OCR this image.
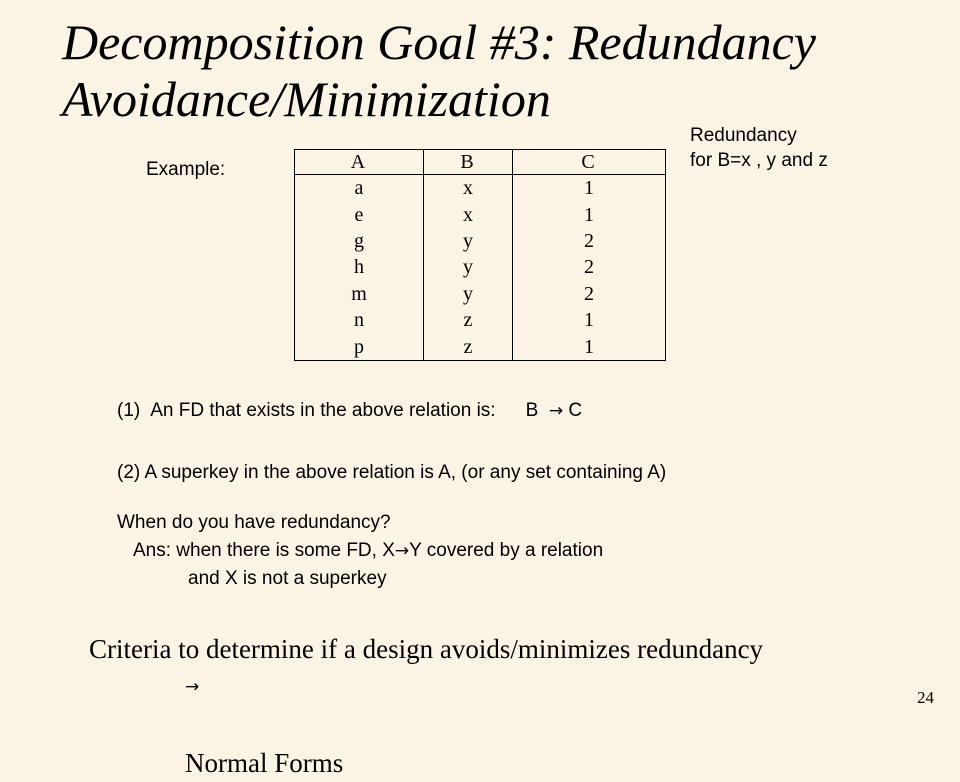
Decomposition Goal #3: Redundancy
Avoidance/Minimization
Example:
Redundancy
for B=x , y and z
A	B	C
a	x	1
e	x	1
g	y	2
h	y	2
m	y	2
n	z	1
p	z	1
(1) An FD that exists in the above relation is: B → C
(2) A superkey in the above relation is A, (or any set containing A)
When do you have redundancy?
Ans: when there is some FD, X→Y covered by a relation
and X is not a superkey
Criteria to determine if a design avoids/minimizes redundancy
→

Normal Forms
24
